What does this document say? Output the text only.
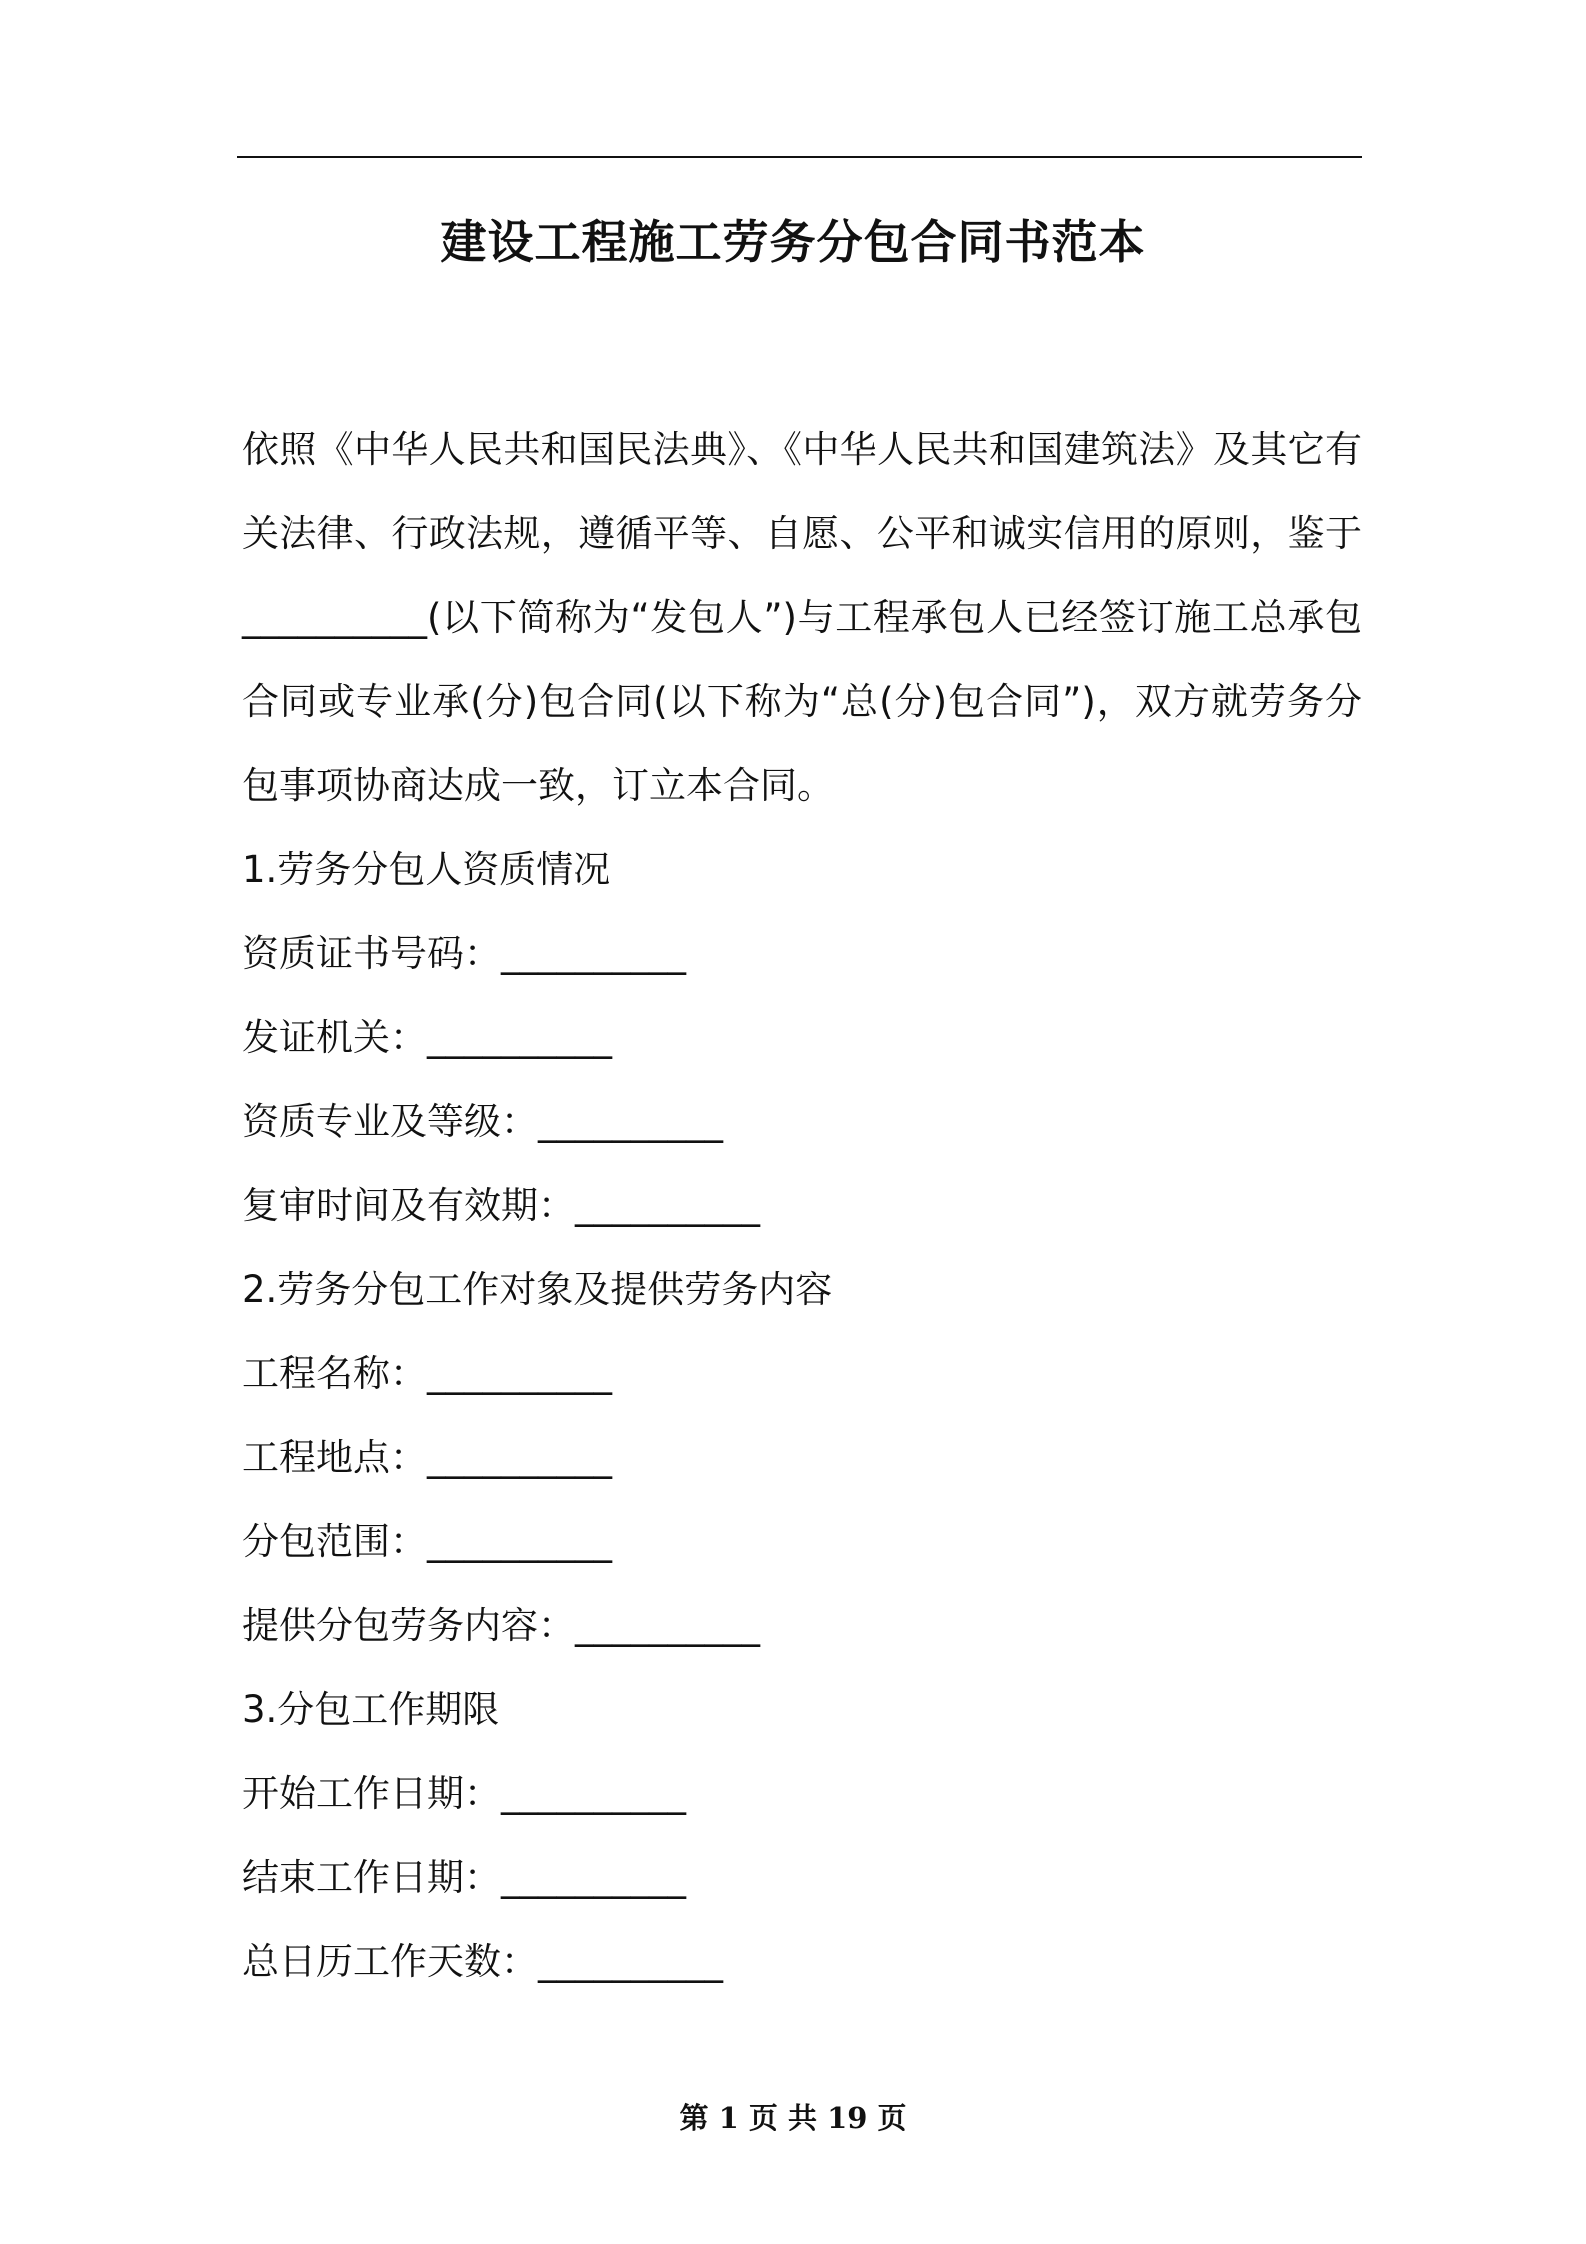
建设工程施工劳务分包合同书范本

依照《中华人民共和国民法典》、《中华人民共和国建筑法》及其它有关法律、行政法规，遵循平等、自愿、公平和诚实信用的原则，鉴于__________(以下简称为“发包人”)与工程承包人已经签订施工总承包合同或专业承(分)包合同(以下称为“总(分)包合同”)，双方就劳务分包事项协商达成一致，订立本合同。

1.劳务分包人资质情况

资质证书号码：__________

发证机关：__________

资质专业及等级：__________

复审时间及有效期：__________

2.劳务分包工作对象及提供劳务内容

工程名称：__________

工程地点：__________

分包范围：__________

提供分包劳务内容：__________

3.分包工作期限

开始工作日期：__________

结束工作日期：__________

总日历工作天数：__________

第 1 页 共 19 页
